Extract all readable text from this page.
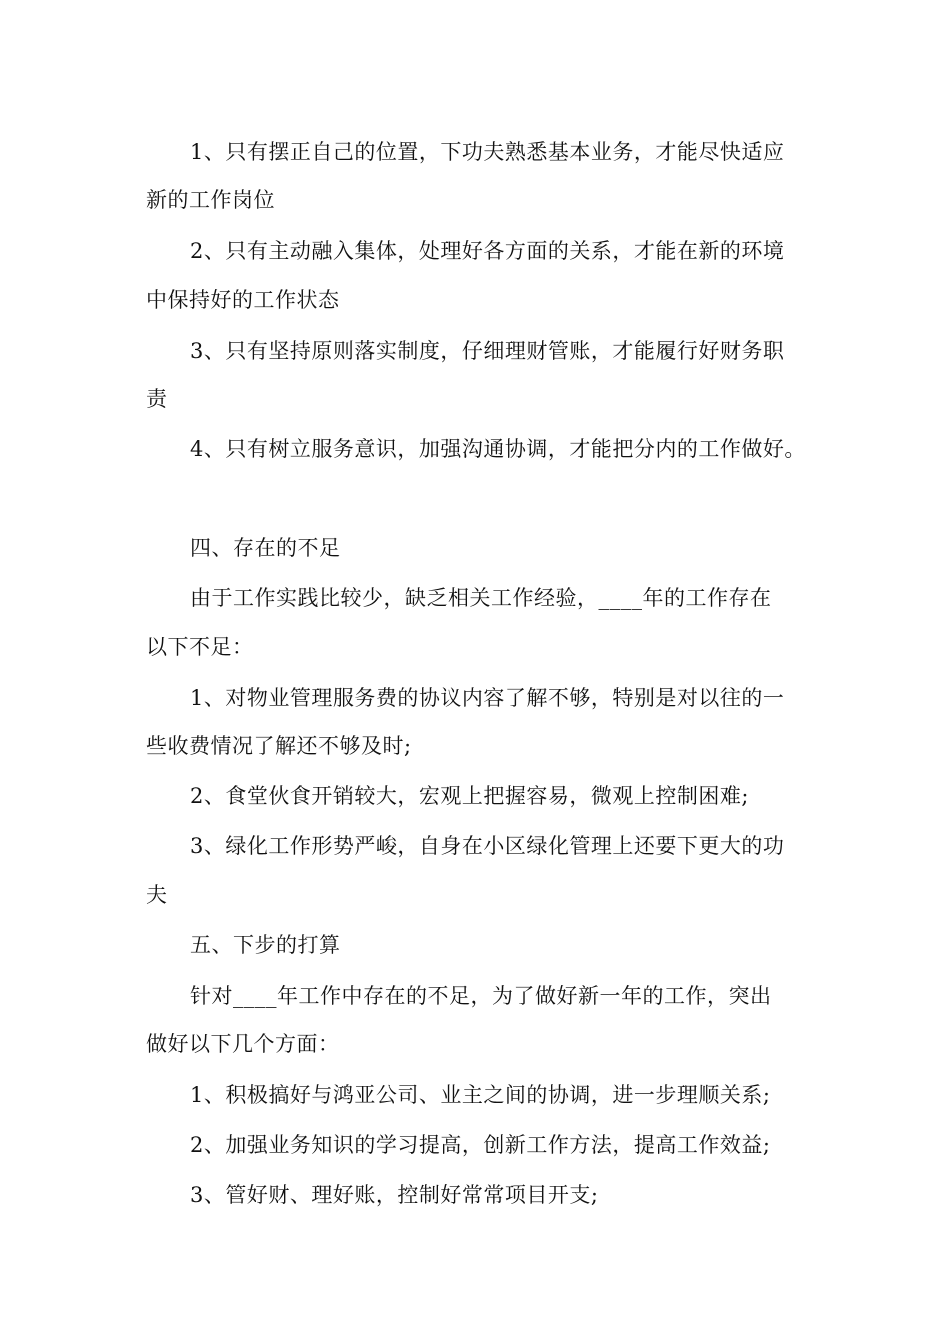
1、只有摆正自己的位置，下功夫熟悉基本业务，才能尽快适应
新的工作岗位
2、只有主动融入集体，处理好各方面的关系，才能在新的环境
中保持好的工作状态
3、只有坚持原则落实制度，仔细理财管账，才能履行好财务职
责
4、只有树立服务意识，加强沟通协调，才能把分内的工作做好。
四、存在的不足
由于工作实践比较少，缺乏相关工作经验，____年的工作存在
以下不足：
1、对物业管理服务费的协议内容了解不够，特别是对以往的一
些收费情况了解还不够及时;
2、食堂伙食开销较大，宏观上把握容易，微观上控制困难;
3、绿化工作形势严峻，自身在小区绿化管理上还要下更大的功
夫
五、下步的打算
针对____年工作中存在的不足，为了做好新一年的工作，突出
做好以下几个方面：
1、积极搞好与鸿亚公司、业主之间的协调，进一步理顺关系;
2、加强业务知识的学习提高，创新工作方法，提高工作效益;
3、管好财、理好账，控制好常常项目开支;
